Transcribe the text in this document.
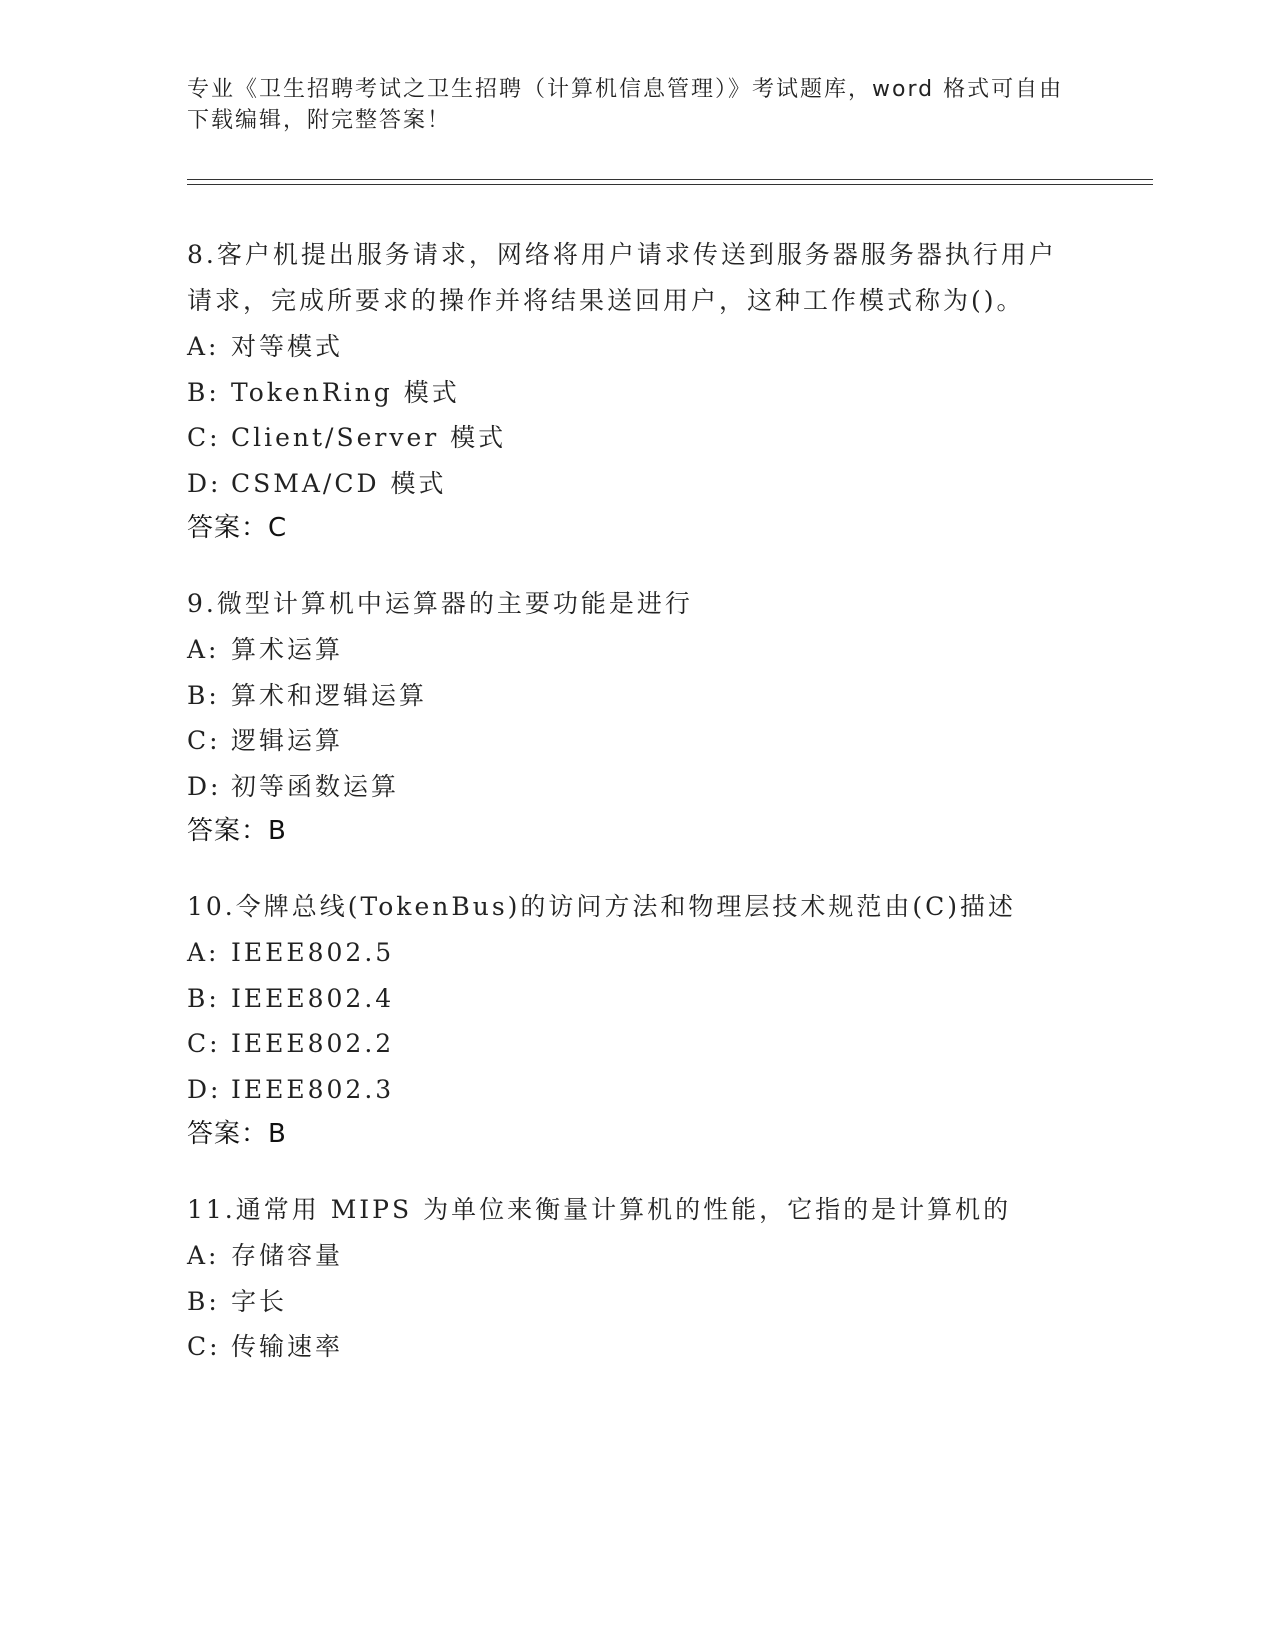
专业《卫生招聘考试之卫生招聘（计算机信息管理）》考试题库，word 格式可自由下载编辑，附完整答案！

8.客户机提出服务请求，网络将用户请求传送到服务器服务器执行用户请求，完成所要求的操作并将结果送回用户，这种工作模式称为()。

A: 对等模式

B: TokenRing 模式

C: Client/Server 模式

D: CSMA/CD 模式

答案：C

9.微型计算机中运算器的主要功能是进行

A: 算术运算

B: 算术和逻辑运算

C: 逻辑运算

D: 初等函数运算

答案：B

10.令牌总线(TokenBus)的访问方法和物理层技术规范由(C)描述

A: IEEE802.5

B: IEEE802.4

C: IEEE802.2

D: IEEE802.3

答案：B

11.通常用 MIPS 为单位来衡量计算机的性能，它指的是计算机的

A: 存储容量

B: 字长

C: 传输速率
